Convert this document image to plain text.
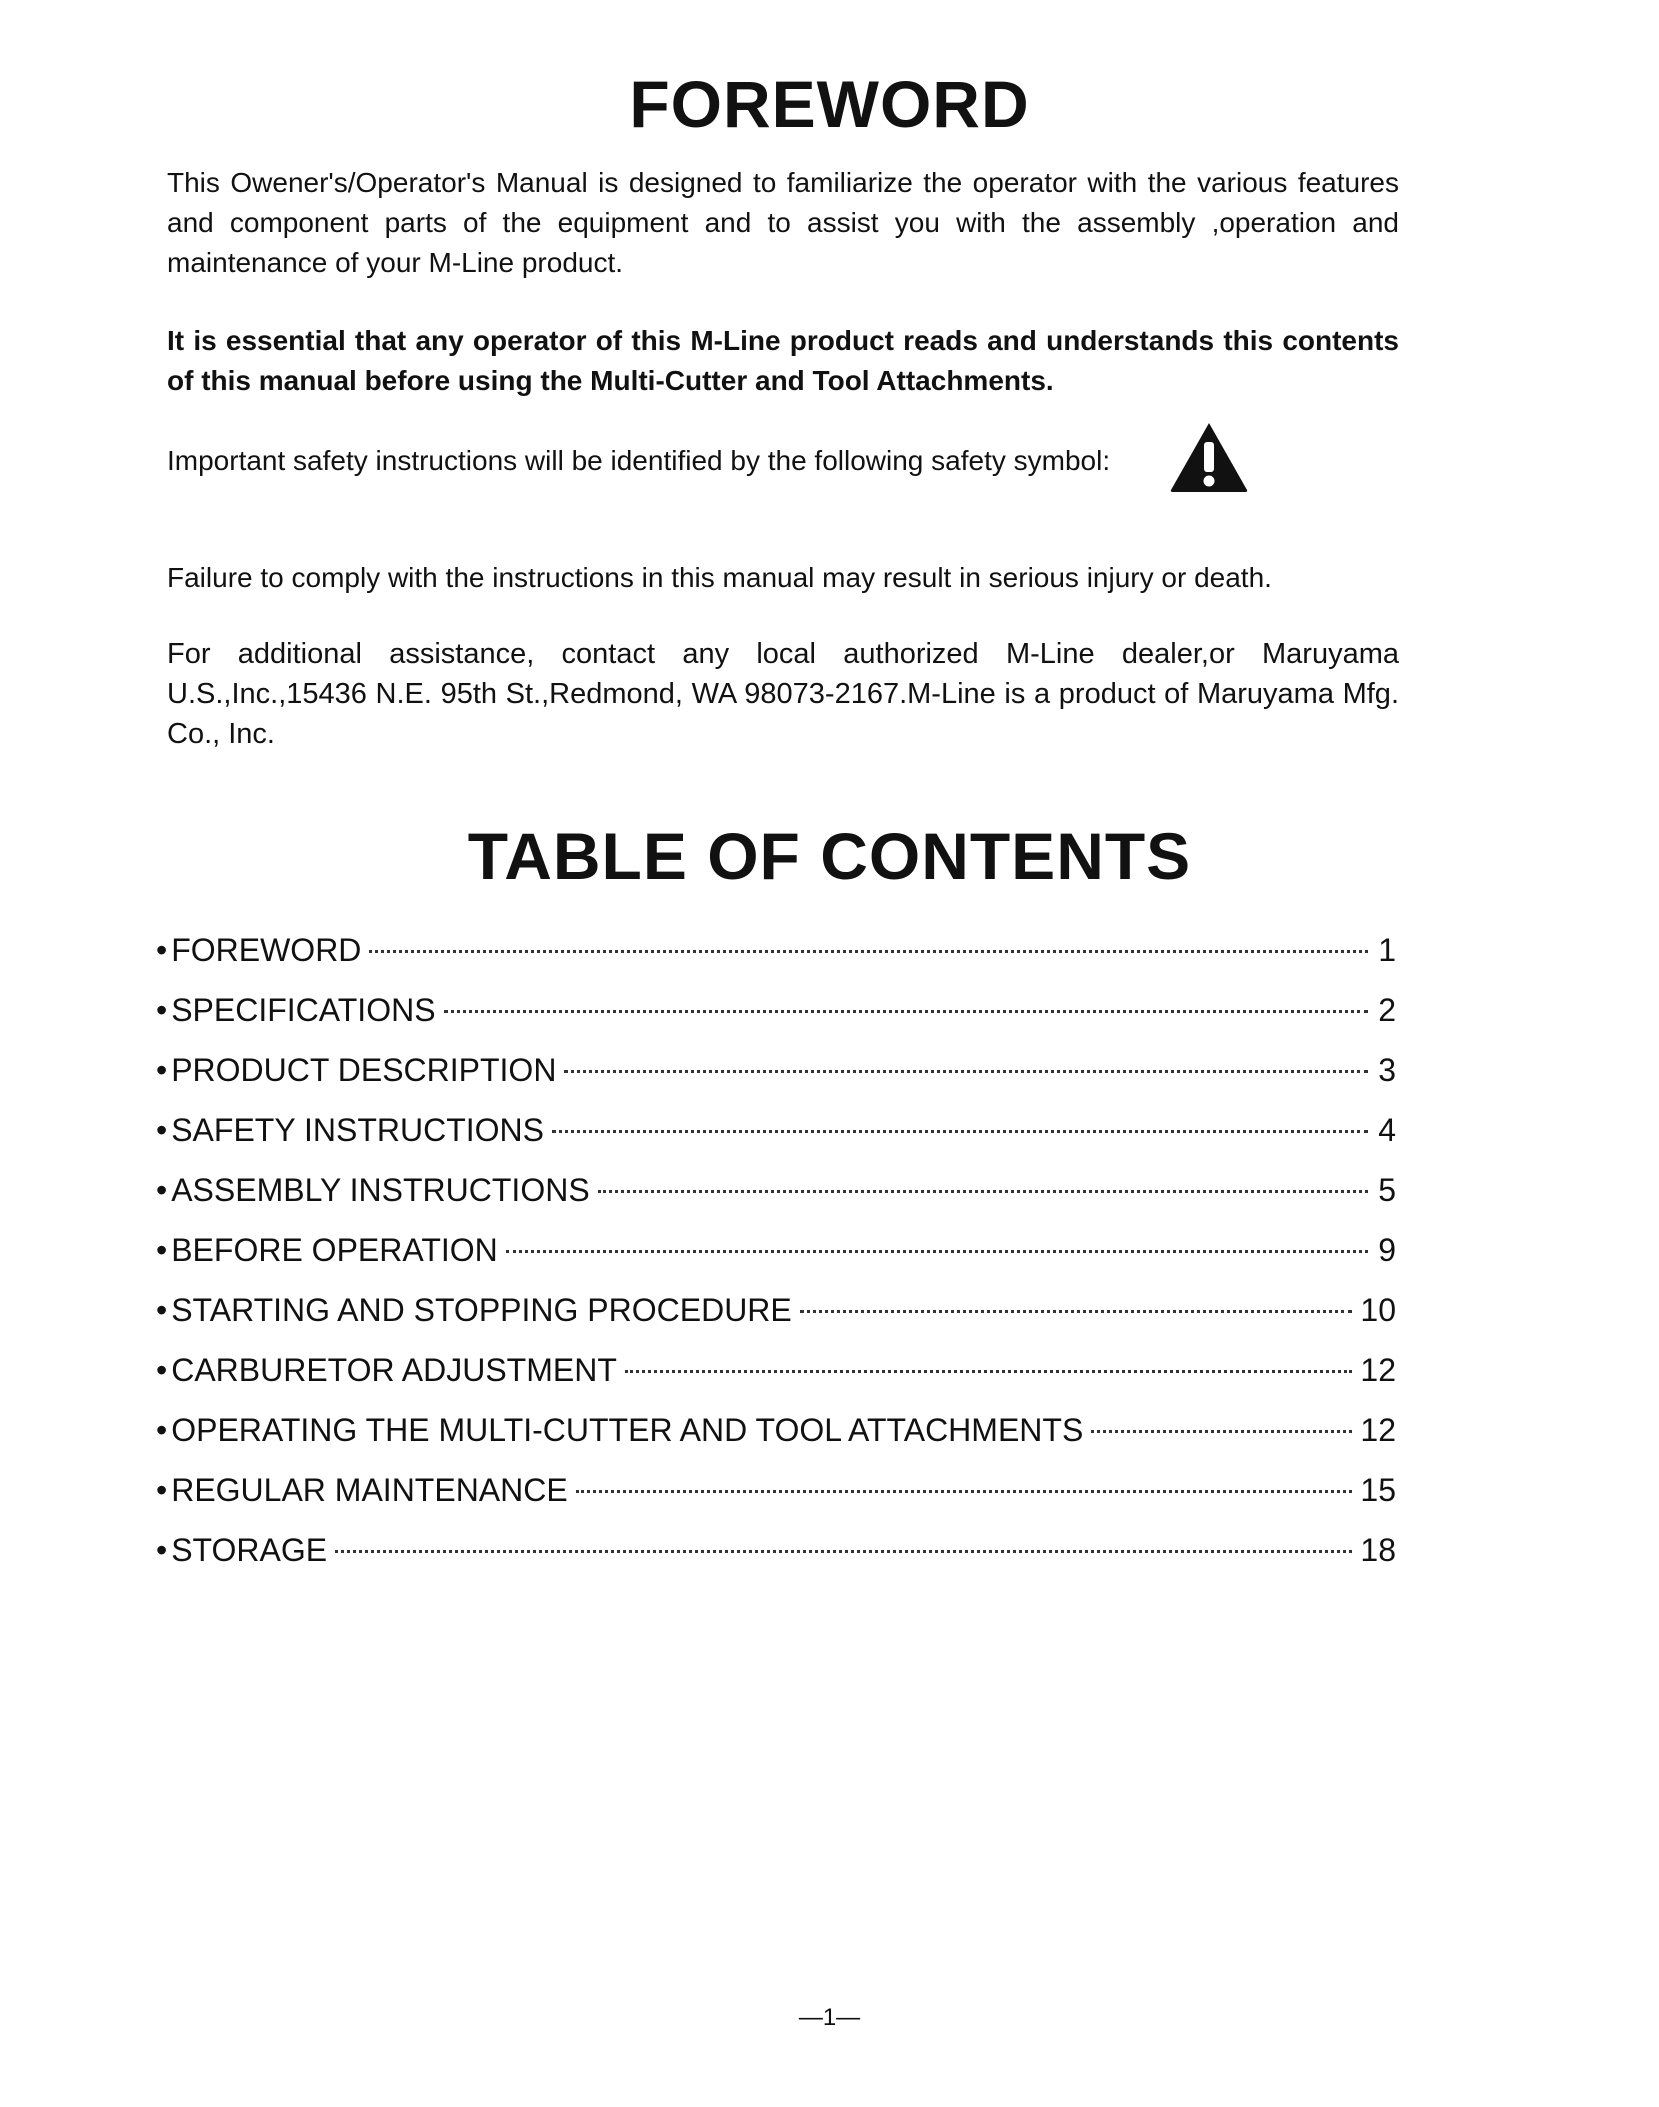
FOREWORD

This Owener's/Operator's Manual is designed to familiarize the operator with the various features and component parts of the equipment and to assist you with the assembly ,operation and maintenance of your M-Line product.

It is essential that any operator of this M-Line product reads and understands this contents of this manual before using the Multi-Cutter and Tool Attachments.

Important safety instructions will be identified by the following safety symbol:

Failure to comply with the instructions in this manual may result in serious injury or death.

For additional assistance, contact any local authorized M-Line dealer,or Maruyama U.S.,Inc.,15436 N.E. 95th St.,Redmond, WA 98073-2167.M-Line is a product of Maruyama Mfg. Co., Inc.

TABLE OF CONTENTS
• FOREWORD	1
• SPECIFICATIONS	2
• PRODUCT DESCRIPTION	3
• SAFETY INSTRUCTIONS	4
• ASSEMBLY INSTRUCTIONS	5
• BEFORE OPERATION	9
• STARTING AND STOPPING PROCEDURE	10
• CARBURETOR ADJUSTMENT	12
• OPERATING THE MULTI-CUTTER AND TOOL ATTACHMENTS	12
• REGULAR MAINTENANCE	15
• STORAGE	18
—1—
